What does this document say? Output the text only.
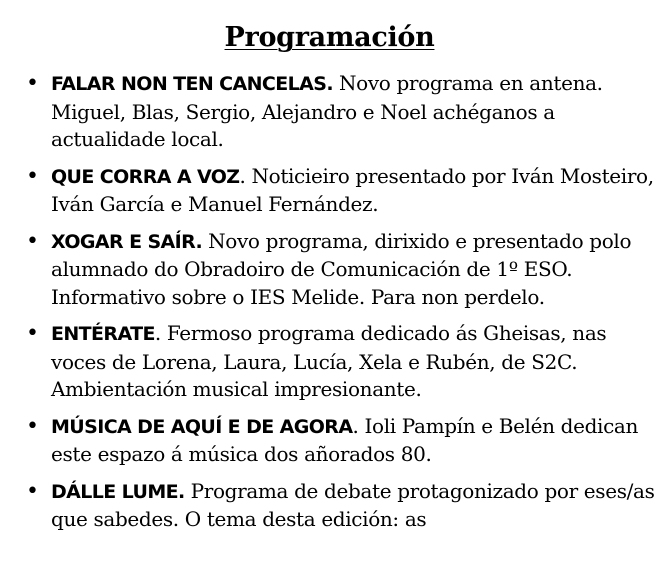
Programación
• FALAR NON TEN CANCELAS. Novo programa en antena. Miguel, Blas, Sergio, Alejandro e Noel achéganos a actualidade local.
• QUE CORRA A VOZ. Noticieiro presentado por Iván Mosteiro, Iván García e Manuel Fernández.
• XOGAR E SAÍR. Novo programa, dirixido e presentado polo alumnado do Obradoiro de Comunicación de 1º ESO. Informativo sobre o IES Melide. Para non perdelo.
• ENTÉRATE. Fermoso programa dedicado ás Gheisas, nas voces de Lorena, Laura, Lucía, Xela e Rubén, de S2C. Ambientación musical impresionante.
• MÚSICA DE AQUÍ E DE AGORA. Ioli Pampín e Belén dedican este espazo á música dos añorados 80.
• DÁLLE LUME. Programa de debate protagonizado por eses/as que sabedes. O tema desta edición: as
